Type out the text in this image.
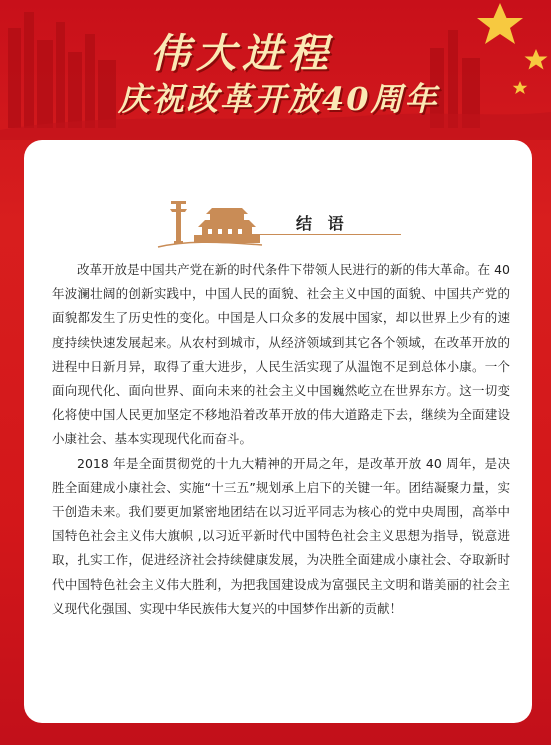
伟大进程
庆祝改革开放40周年
结 语

改革开放是中国共产党在新的时代条件下带领人民进行的新的伟大革命。在 40 年波澜壮阔的创新实践中，中国人民的面貌、社会主义中国的面貌、中国共产党的面貌都发生了历史性的变化。中国是人口众多的发展中国家，却以世界上少有的速度持续快速发展起来。从农村到城市，从经济领域到其它各个领域，在改革开放的进程中日新月异，取得了重大进步，人民生活实现了从温饱不足到总体小康。一个面向现代化、面向世界、面向未来的社会主义中国巍然屹立在世界东方。这一切变化将使中国人民更加坚定不移地沿着改革开放的伟大道路走下去，继续为全面建设小康社会、基本实现现代化而奋斗。

2018 年是全面贯彻党的十九大精神的开局之年，是改革开放 40 周年，是决胜全面建成小康社会、实施“十三五”规划承上启下的关键一年。团结凝聚力量，实干创造未来。我们要更加紧密地团结在以习近平同志为核心的党中央周围，高举中国特色社会主义伟大旗帜 ,以习近平新时代中国特色社会主义思想为指导，锐意进取，扎实工作，促进经济社会持续健康发展，为决胜全面建成小康社会、夺取新时代中国特色社会主义伟大胜利，为把我国建设成为富强民主文明和谐美丽的社会主义现代化强国、实现中华民族伟大复兴的中国梦作出新的贡献！
